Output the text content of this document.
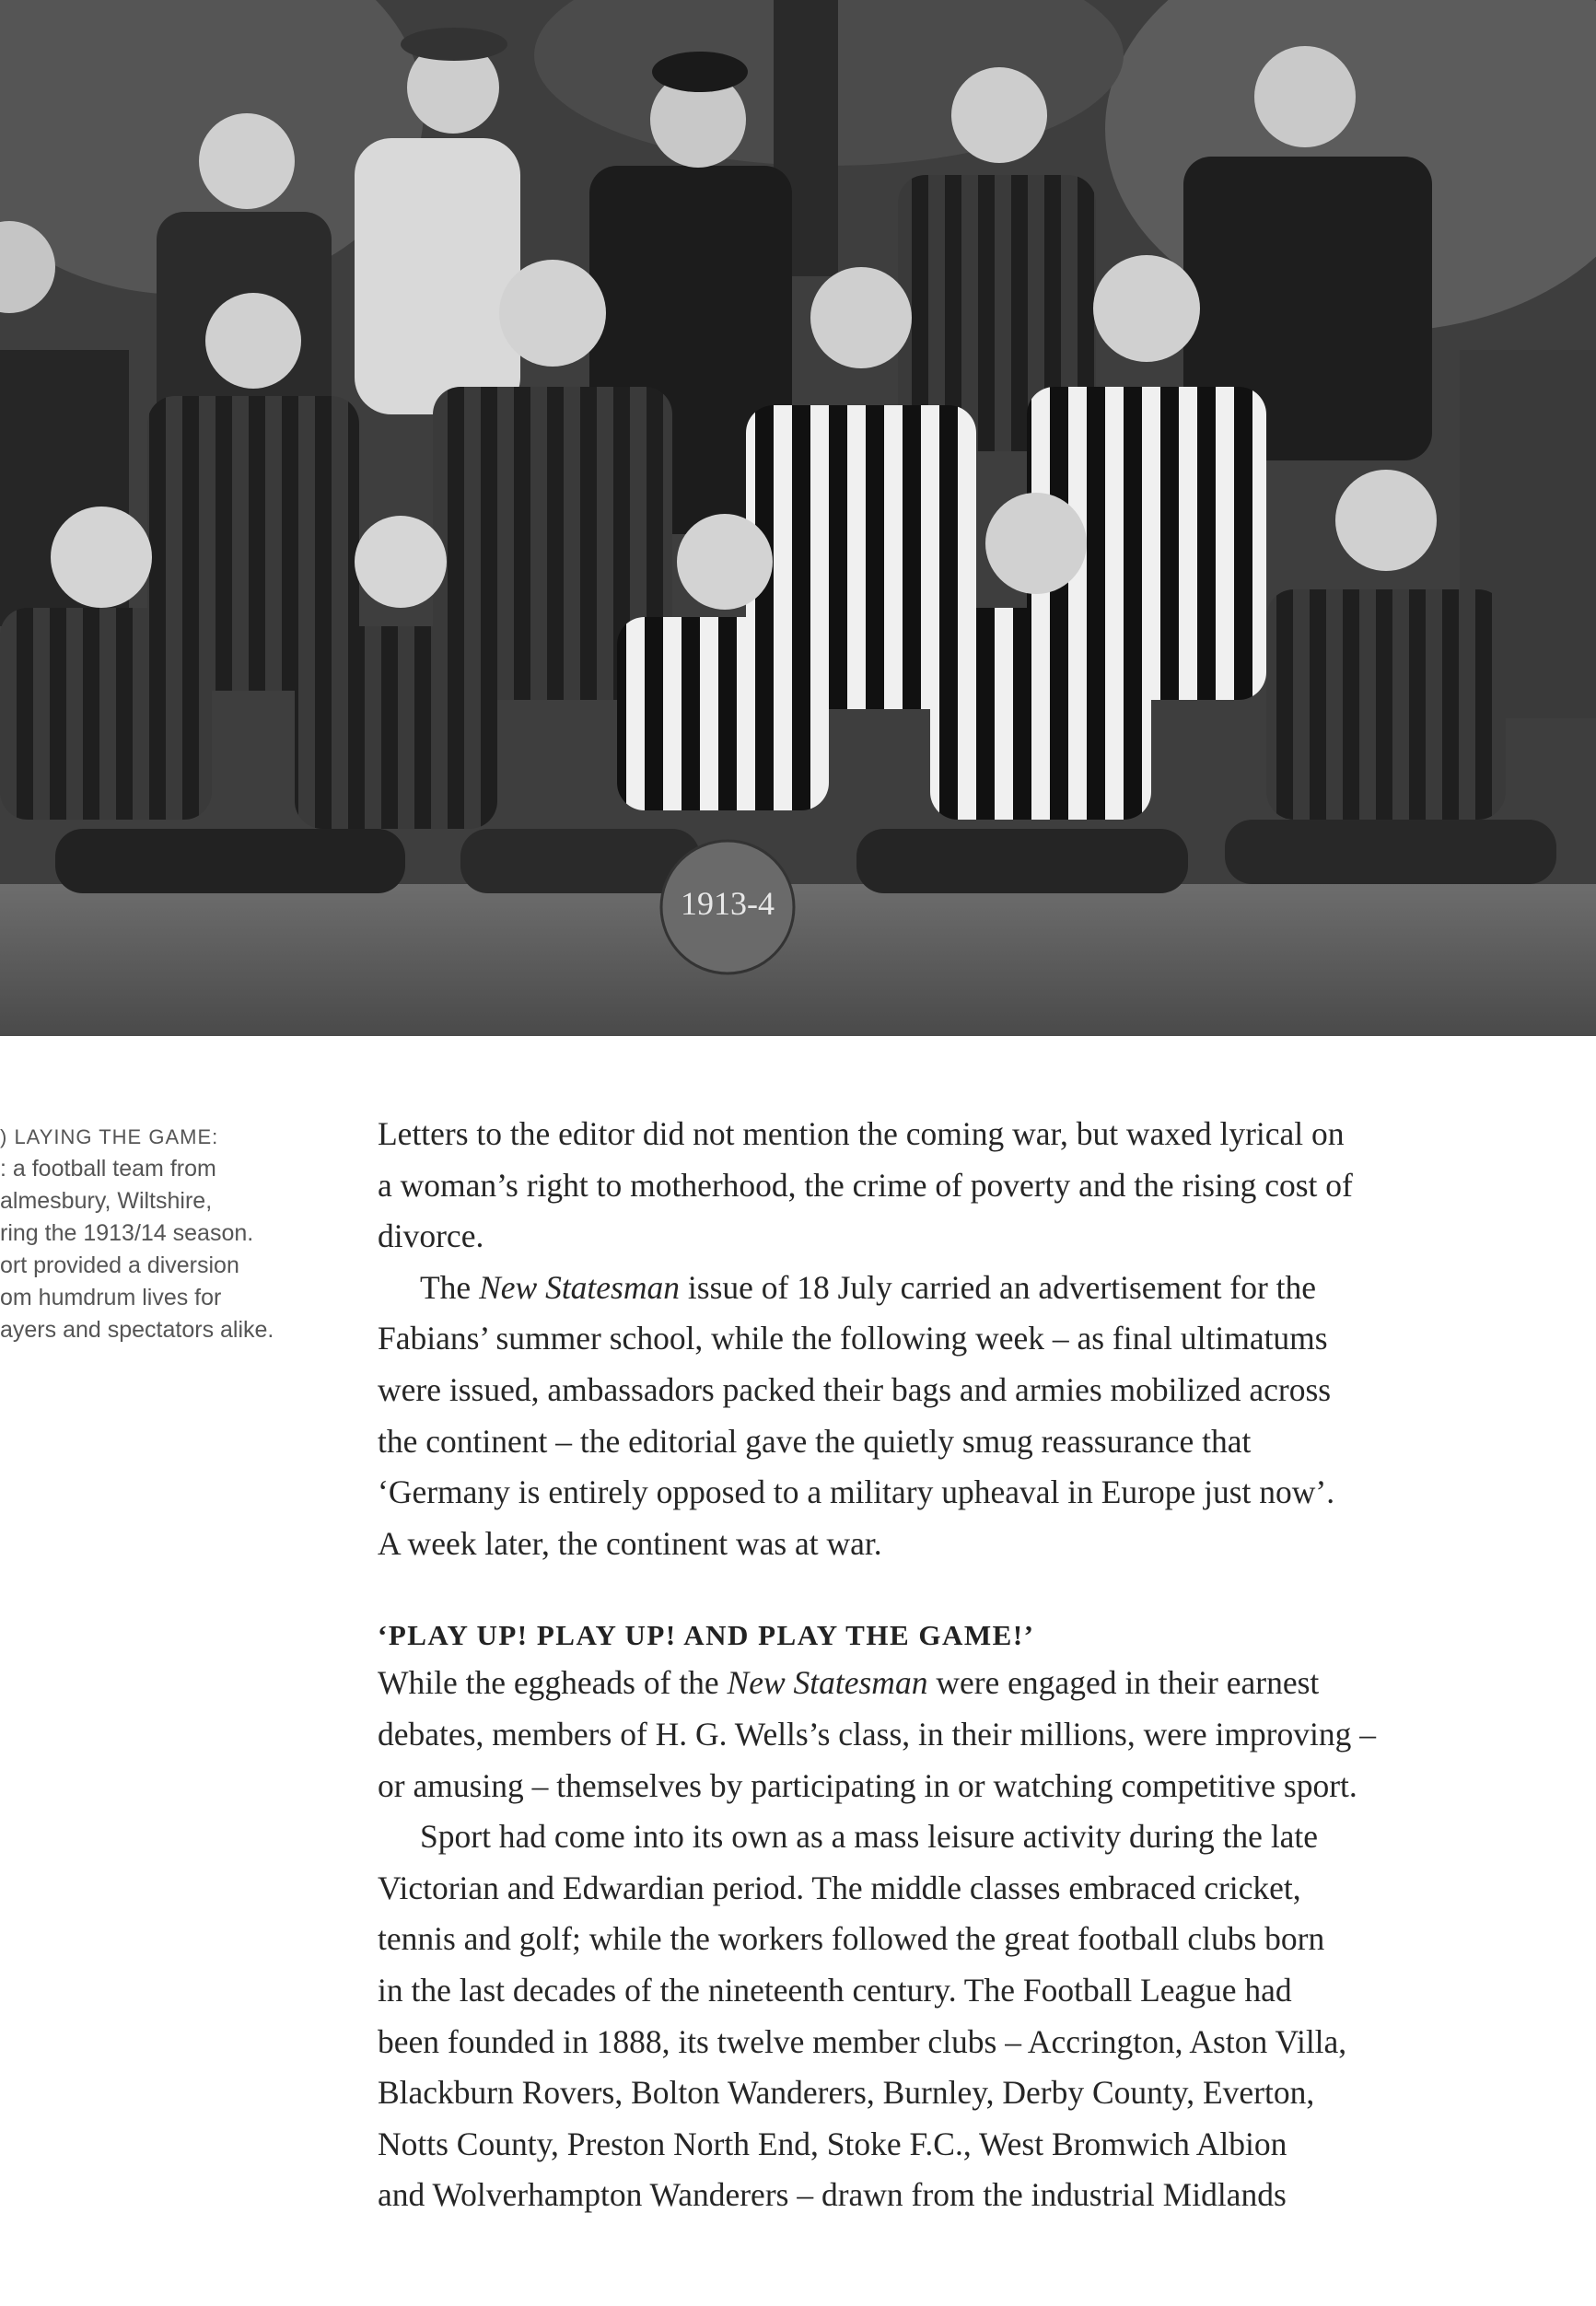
1913-4
) LAYING THE GAME:
: a football team from
almesbury, Wiltshire,
ring the 1913/14 season.
ort provided a diversion
om humdrum lives for
ayers and spectators alike.

Letters to the editor did not mention the coming war, but waxed lyrical on
a woman’s right to motherhood, the crime of poverty and the rising cost of
divorce.

The New Statesman issue of 18 July carried an advertisement for the
Fabians’ summer school, while the following week – as final ultimatums
were issued, ambassadors packed their bags and armies mobilized across
the continent – the editorial gave the quietly smug reassurance that
‘Germany is entirely opposed to a military upheaval in Europe just now’.
A week later, the continent was at war.

‘PLAY UP! PLAY UP! AND PLAY THE GAME!’

While the eggheads of the New Statesman were engaged in their earnest
debates, members of H. G. Wells’s class, in their millions, were improving –
or amusing – themselves by participating in or watching competitive sport.

Sport had come into its own as a mass leisure activity during the late
Victorian and Edwardian period. The middle classes embraced cricket,
tennis and golf; while the workers followed the great football clubs born
in the last decades of the nineteenth century. The Football League had
been founded in 1888, its twelve member clubs – Accrington, Aston Villa,
Blackburn Rovers, Bolton Wanderers, Burnley, Derby County, Everton,
Notts County, Preston North End, Stoke F.C., West Bromwich Albion
and Wolverhampton Wanderers – drawn from the industrial Midlands
